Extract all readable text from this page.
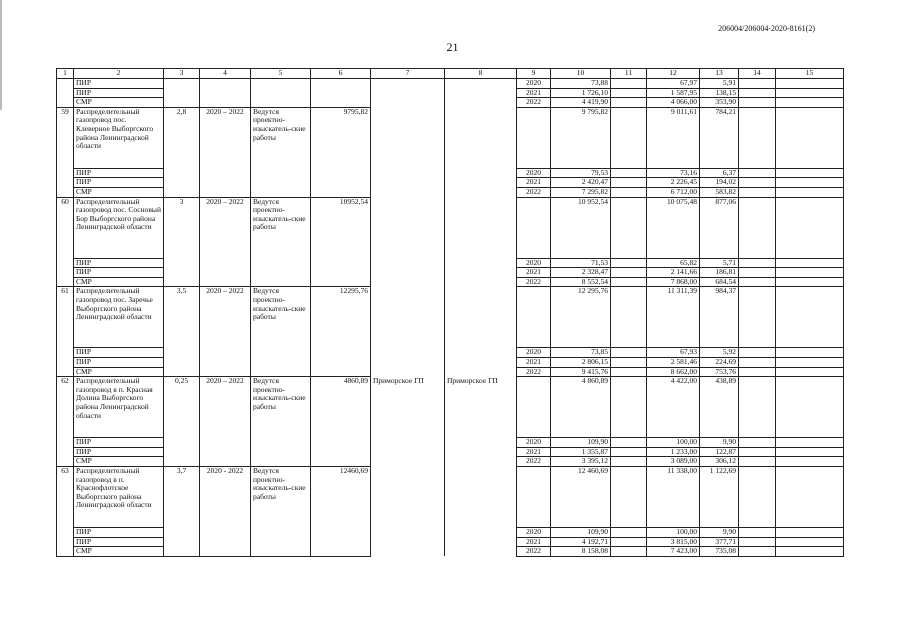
206004/206004-2020-8161(2)
21
1	2	3	4	5	6	7	8	9	10	11	12	13	14	15
	ПИР							2020	73,88		67,97	5,91		
	ПИР							2021	1 726,10		1 587,95	138,15		
	СМР							2022	4 419,90		4 066,00	353,90		
59	Распределительный газопровод пос. Клеверное Выборгского района Ленинградской области	2,8	2020 – 2022	Ведутся проектно-изыскатель-ские работы	9795,82				9 795,82		9 011,61	784,21		
	ПИР							2020	79,53		73,16	6,37		
	ПИР							2021	2 420,47		2 226,45	194,02		
	СМР							2022	7 295,82		6 712,00	583,82		
60	Распределительный газопровод пос. Сосновый Бор Выборгского района Ленинградской области	3	2020 – 2022	Ведутся проектно-изыскатель-ские работы	10952,54				10 952,54		10 075,48	877,06		
	ПИР							2020	71,53		65,82	5,71		
	ПИР							2021	2 328,47		2 141,66	186,81		
	СМР							2022	8 552,54		7 868,00	684,54		
61	Распределительный газопровод пос. Заречье Выборгского района Ленинградской области	3,5	2020 – 2022	Ведутся проектно-изыскатель-ские работы	12295,76				12 295,76		11 311,39	984,37		
	ПИР							2020	73,85		67,93	5,92		
	ПИР							2021	2 806,15		2 581,46	224,69		
	СМР							2022	9 415,76		8 662,00	753,76		
62	Распределительный газопровод в п. Красная Долина Выборгского района Ленинградской области	0,25	2020 – 2022	Ведутся проектно-изыскатель-ские работы	4860,89	Приморское ГП	Приморское ГП		4 860,89		4 422,00	438,89		
	ПИР							2020	109,90		100,00	9,90		
	ПИР							2021	1 355,87		1 233,00	122,87		
	СМР							2022	3 395,12		3 089,00	306,12		
63	Распределительный газопровод в п. Краснофлотское Выборгского района Ленинградской области	3,7	2020 - 2022	Ведутся проектно-изыскатель-ские работы	12460,69				12 460,69		11 338,00	1 122,69		
	ПИР							2020	109,90		100,00	9,90		
	ПИР							2021	4 192,71		3 815,00	377,71		
	СМР							2022	8 158,08		7 423,00	735,08		
